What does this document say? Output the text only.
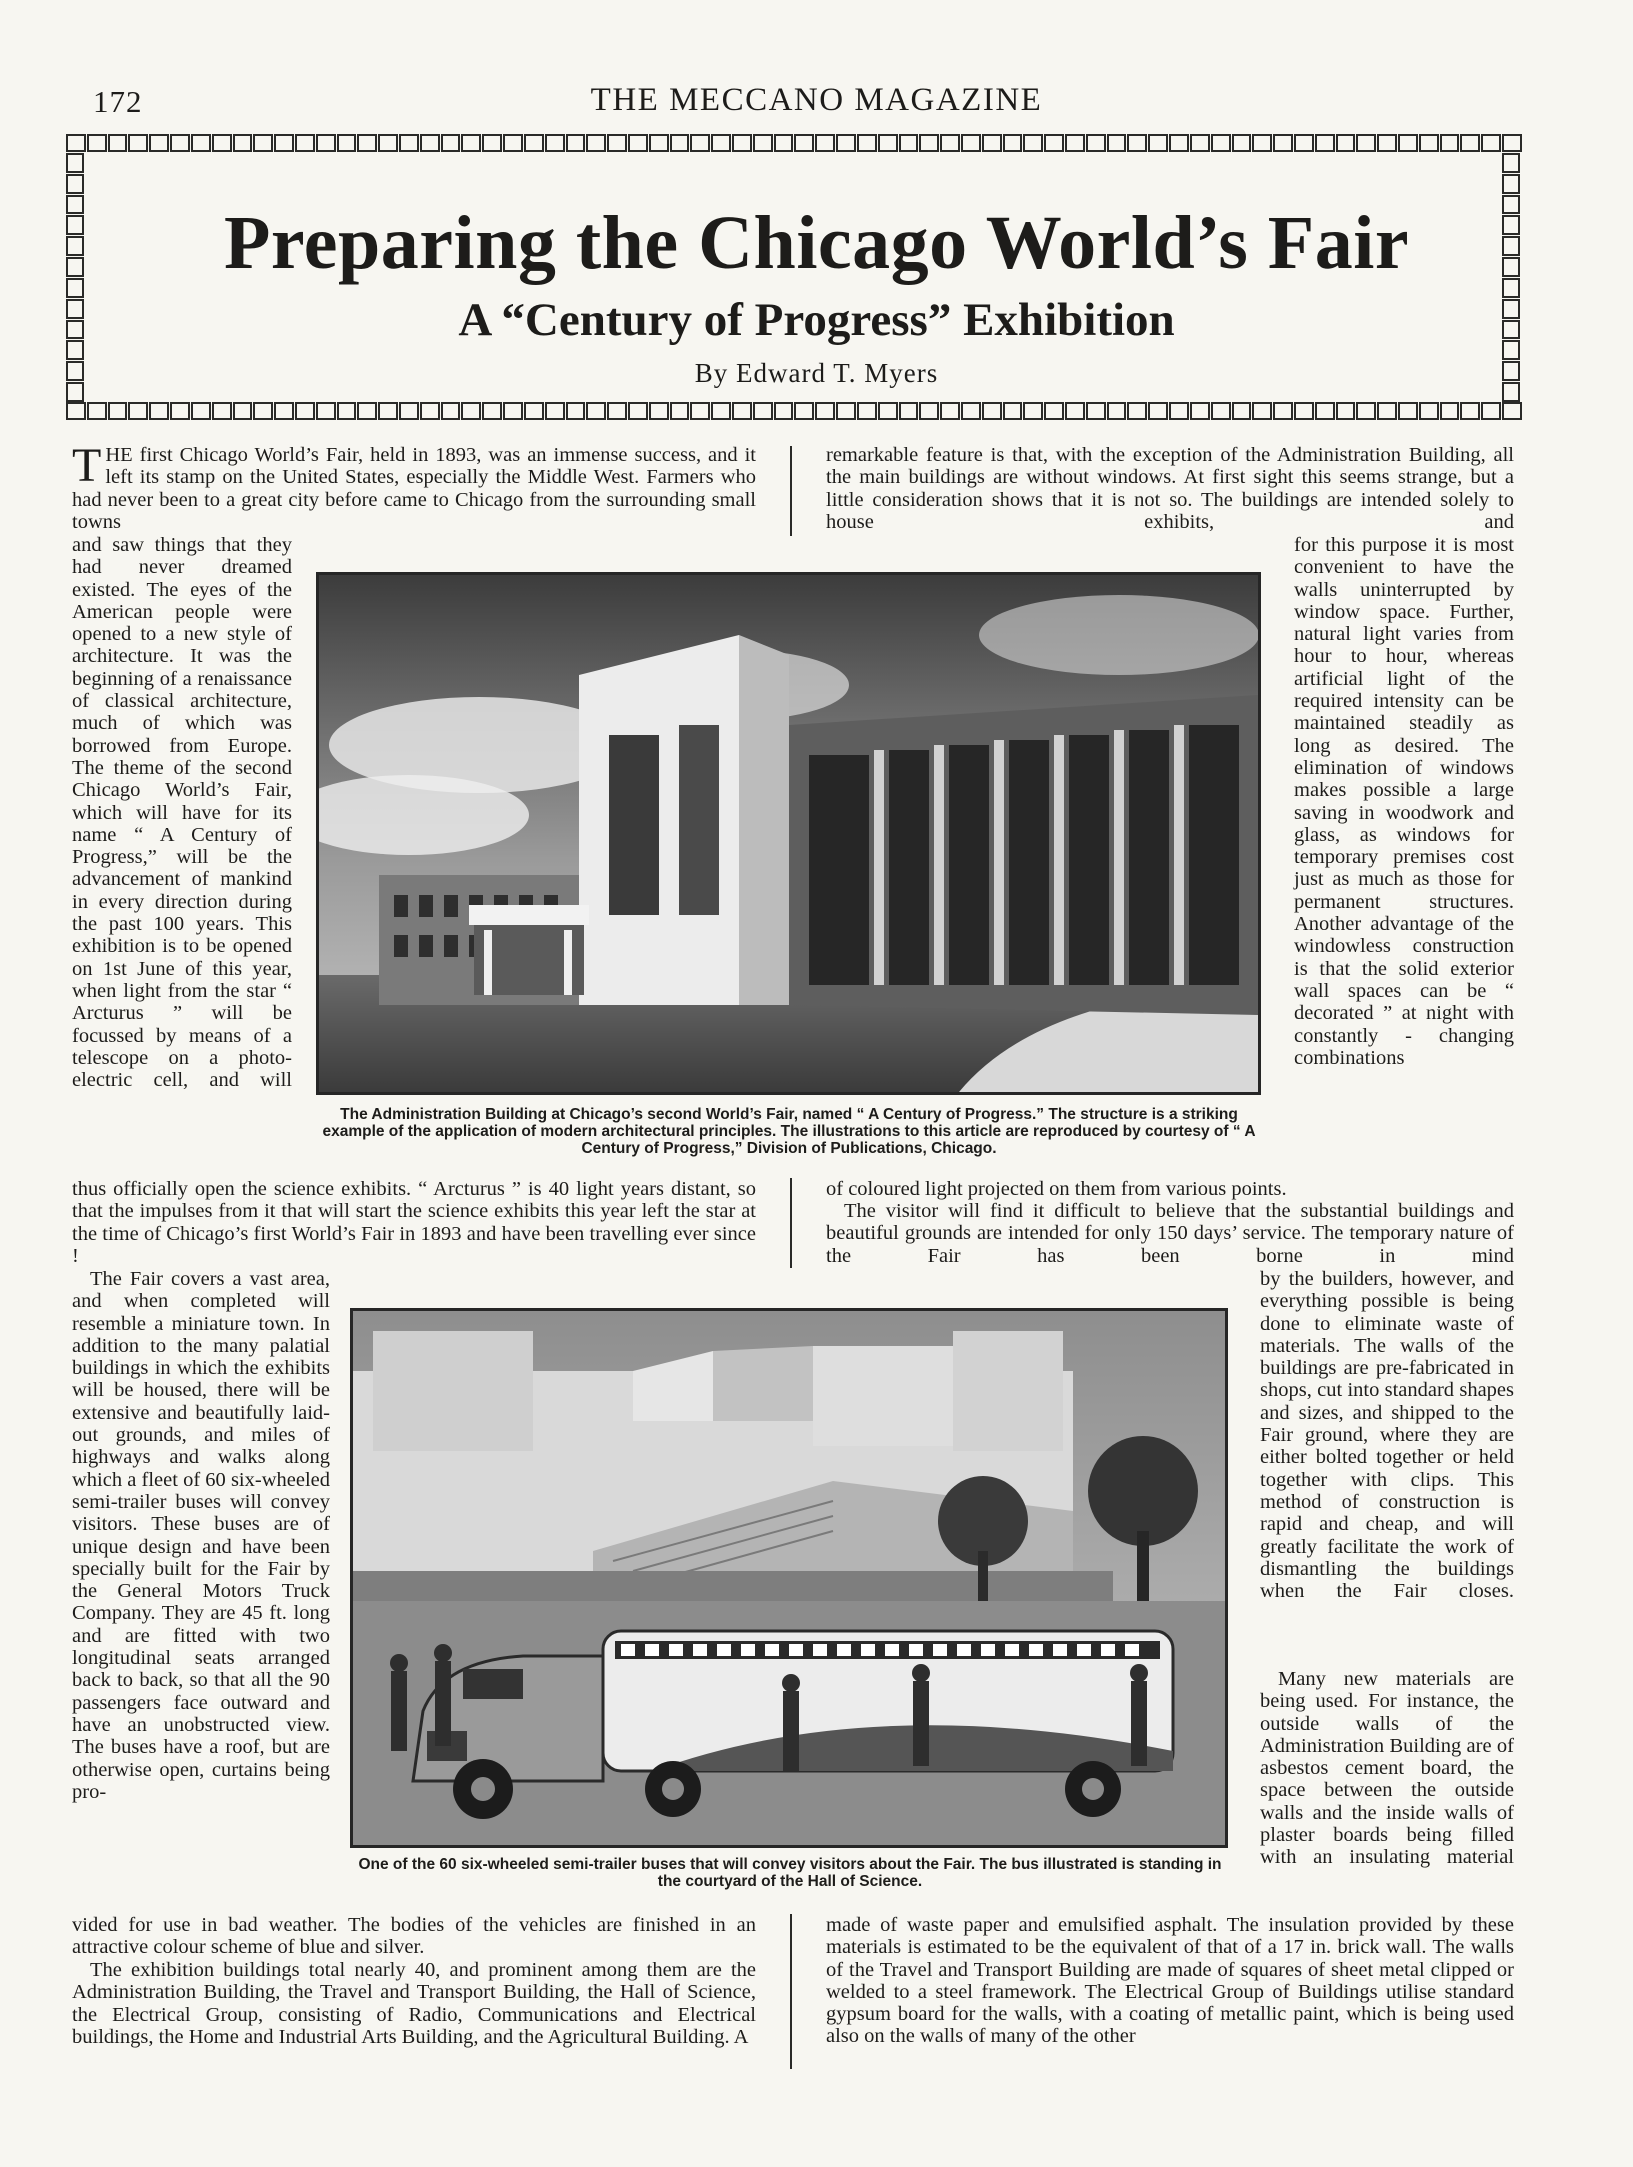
172	THE MECCANO MAGAZINE
Preparing the Chicago World’s Fair
A “Century of Progress” Exhibition
By Edward T. Myers
THE first Chicago World’s Fair, held in 1893, was an immense success, and it left its stamp on the United States, especially the Middle West. Farmers who had never been to a great city before came to Chicago from the surrounding small towns
and saw things that they had never dreamed existed. The eyes of the American people were opened to a new style of architecture. It was the beginning of a renaissance of classical architecture, much of which was borrowed from Europe. The theme of the second Chicago World’s Fair, which will have for its name “ A Century of Progress,” will be the advancement of mankind in every direction during the past 100 years. This exhibition is to be opened on 1st June of this year, when light from the star “ Arcturus ” will be focussed by means of a telescope on a photo-electric cell, and will
thus officially open the science exhibits. “ Arcturus ” is 40 light years distant, so that the impulses from it that will start the science exhibits this year left the star at the time of Chicago’s first World’s Fair in 1893 and have been travelling ever since !
The Fair covers a vast area, and when completed will resemble a miniature town. In addition to the many palatial buildings in which the exhibits will be housed, there will be extensive and beautifully laid-out grounds, and miles of highways and walks along which a fleet of 60 six-wheeled semi-trailer buses will convey visitors. These buses are of unique design and have been specially built for the Fair by the General Motors Truck Company. They are 45 ft. long and are fitted with two longitudinal seats arranged back to back, so that all the 90 passengers face outward and have an unobstructed view. The buses have a roof, but are otherwise open, curtains being pro-
vided for use in bad weather. The bodies of the vehicles are finished in an attractive colour scheme of blue and silver.
The exhibition buildings total nearly 40, and prominent among them are the Administration Building, the Travel and Transport Building, the Hall of Science, the Electrical Group, consisting of Radio, Communications and Electrical buildings, the Home and Industrial Arts Building, and the Agricultural Building. A
remarkable feature is that, with the exception of the Administration Building, all the main buildings are without windows. At first sight this seems strange, but a little consideration shows that it is not so. The buildings are intended solely to house exhibits, and
for this purpose it is most convenient to have the walls uninterrupted by window space. Further, natural light varies from hour to hour, whereas artificial light of the required intensity can be maintained steadily as long as desired. The elimination of windows makes possible a large saving in woodwork and glass, as windows for temporary premises cost just as much as those for permanent structures. Another advantage of the windowless construction is that the solid exterior wall spaces can be “ decorated ” at night with constantly - changing combinations
of coloured light projected on them from various points.
The visitor will find it difficult to believe that the substantial buildings and beautiful grounds are intended for only 150 days’ service. The temporary nature of the Fair has been borne in mind
by the builders, however, and everything possible is being done to eliminate waste of materials. The walls of the buildings are pre-fabricated in shops, cut into standard shapes and sizes, and shipped to the Fair ground, where they are either bolted together or held together with clips. This method of construction is rapid and cheap, and will greatly facilitate the work of dismantling the buildings when the Fair closes.
Many new materials are being used. For instance, the outside walls of the Administration Building are of asbestos cement board, the space between the outside walls and the inside walls of plaster boards being filled with an insulating material
made of waste paper and emulsified asphalt. The insulation provided by these materials is estimated to be the equivalent of that of a 17 in. brick wall. The walls of the Travel and Transport Building are made of squares of sheet metal clipped or welded to a steel framework. The Electrical Group of Buildings utilise standard gypsum board for the walls, with a coating of metallic paint, which is being used also on the walls of many of the other
The Administration Building at Chicago’s second World’s Fair, named “ A Century of Progress.” The structure is a striking example of the application of modern architectural principles. The illustrations to this article are reproduced by courtesy of “ A Century of Progress,” Division of Publications, Chicago.
One of the 60 six-wheeled semi-trailer buses that will convey visitors about the Fair. The bus illustrated is standing in the courtyard of the Hall of Science.
